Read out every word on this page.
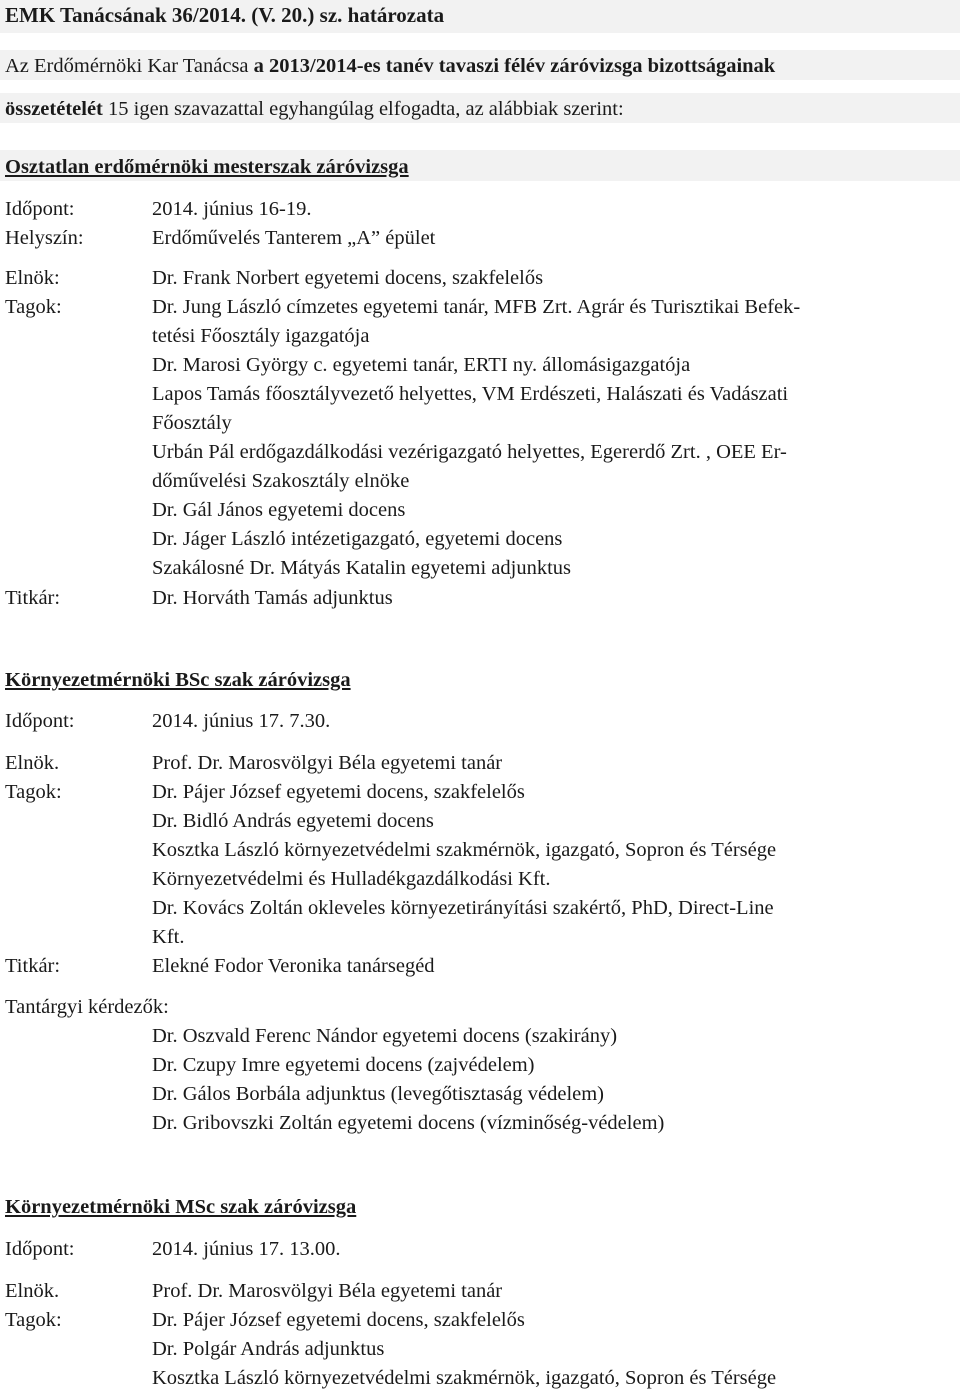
EMK Tanácsának 36/2014. (V. 20.) sz. határozata
Az Erdőmérnöki Kar Tanácsa a 2013/2014-es tanév tavaszi félév záróvizsga bizottságainak
összetételét 15 igen szavazattal egyhangúlag elfogadta, az alábbiak szerint:
Osztatlan erdőmérnöki mesterszak záróvizsga
Időpont:	2014. június 16-19.
Helyszín:	Erdőművelés Tanterem „A” épület
Elnök:	Dr. Frank Norbert egyetemi docens, szakfelelős
Tagok:	Dr. Jung László címzetes egyetemi tanár, MFB Zrt. Agrár és Turisztikai Befek-
tetési Főosztály igazgatója
Dr. Marosi György c. egyetemi tanár, ERTI ny. állomásigazgatója
Lapos Tamás főosztályvezető helyettes, VM Erdészeti, Halászati és Vadászati
Főosztály
Urbán Pál erdőgazdálkodási vezérigazgató helyettes, Egererdő Zrt. , OEE Er-
dőművelési Szakosztály elnöke
Dr. Gál János egyetemi docens
Dr. Jáger László intézetigazgató, egyetemi docens
Szakálosné Dr. Mátyás Katalin egyetemi adjunktus
Titkár:	Dr. Horváth Tamás adjunktus
Környezetmérnöki BSc szak záróvizsga
Időpont:	2014. június 17. 7.30.
Elnök.	Prof. Dr. Marosvölgyi Béla egyetemi tanár
Tagok:	Dr. Pájer József egyetemi docens, szakfelelős
Dr. Bidló András egyetemi docens
Kosztka László környezetvédelmi szakmérnök, igazgató, Sopron és Térsége
Környezetvédelmi és Hulladékgazdálkodási Kft.
Dr. Kovács Zoltán okleveles környezetirányítási szakértő, PhD, Direct-Line
Kft.
Titkár:	Elekné Fodor Veronika tanársegéd
Tantárgyi kérdezők:
Dr. Oszvald Ferenc Nándor egyetemi docens (szakirány)
Dr. Czupy Imre egyetemi docens (zajvédelem)
Dr. Gálos Borbála adjunktus (levegőtisztaság védelem)
Dr. Gribovszki Zoltán egyetemi docens (vízminőség-védelem)
Környezetmérnöki MSc szak záróvizsga
Időpont:	2014. június 17. 13.00.
Elnök.	Prof. Dr. Marosvölgyi Béla egyetemi tanár
Tagok:	Dr. Pájer József egyetemi docens, szakfelelős
Dr. Polgár András adjunktus
Kosztka László környezetvédelmi szakmérnök, igazgató, Sopron és Térsége
